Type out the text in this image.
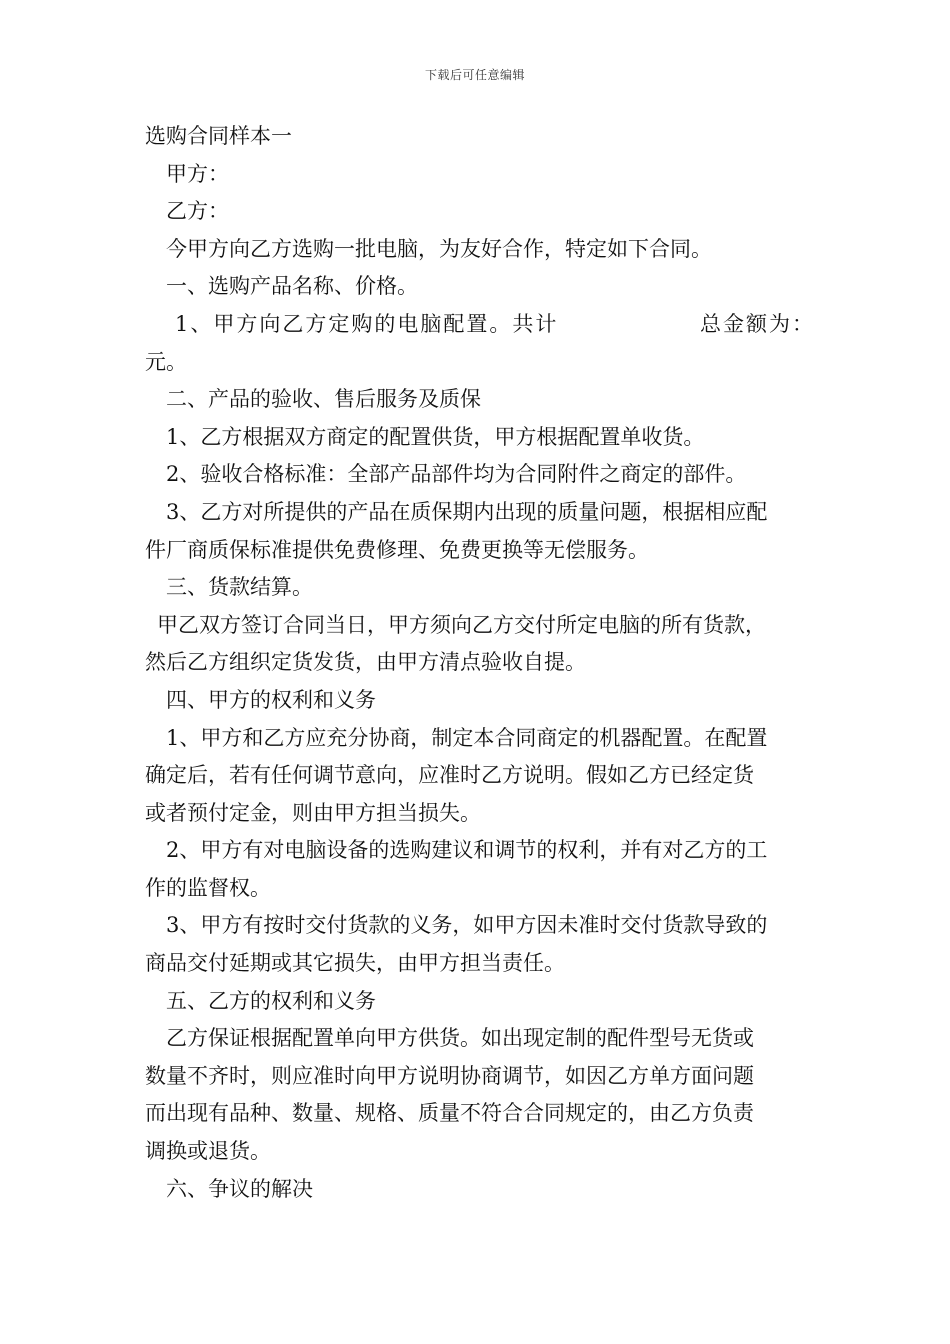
下载后可任意编辑
选购合同样本一
甲方：
乙方：
今甲方向乙方选购一批电脑，为友好合作，特定如下合同。
一、选购产品名称、价格。
1、甲方向乙方定购的电脑配置。共计	总金额为：
元。
二、产品的验收、售后服务及质保
1、乙方根据双方商定的配置供货，甲方根据配置单收货。
2、验收合格标准：全部产品部件均为合同附件之商定的部件。
3、乙方对所提供的产品在质保期内出现的质量问题，根据相应配
件厂商质保标准提供免费修理、免费更换等无偿服务。
三、货款结算。
甲乙双方签订合同当日，甲方须向乙方交付所定电脑的所有货款，
然后乙方组织定货发货，由甲方清点验收自提。
四、甲方的权利和义务
1、甲方和乙方应充分协商，制定本合同商定的机器配置。在配置
确定后，若有任何调节意向，应准时乙方说明。假如乙方已经定货
或者预付定金，则由甲方担当损失。
2、甲方有对电脑设备的选购建议和调节的权利，并有对乙方的工
作的监督权。
3、甲方有按时交付货款的义务，如甲方因未准时交付货款导致的
商品交付延期或其它损失，由甲方担当责任。
五、乙方的权利和义务
乙方保证根据配置单向甲方供货。如出现定制的配件型号无货或
数量不齐时，则应准时向甲方说明协商调节，如因乙方单方面问题
而出现有品种、数量、规格、质量不符合合同规定的，由乙方负责
调换或退货。
六、争议的解决
